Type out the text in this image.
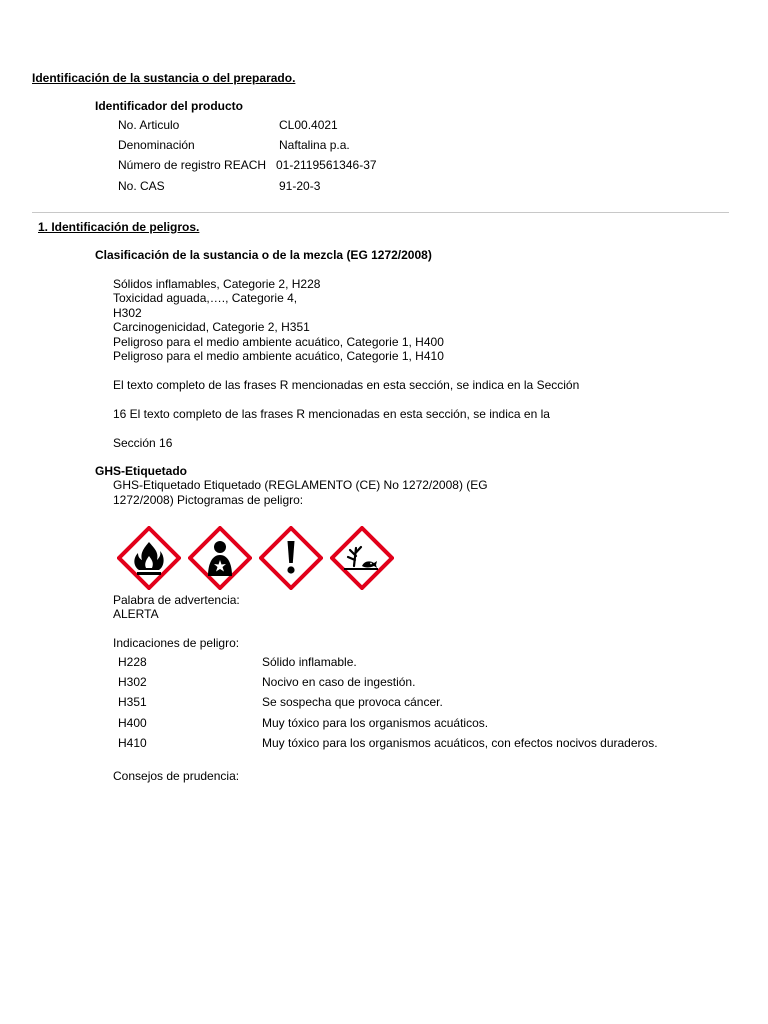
Identificación de la sustancia o del preparado.
Identificador del producto
No. Articulo	CL00.4021
Denominación	Naftalina p.a.
Número de registro REACH 01-2119561346-37
No. CAS	91-20-3
1. Identificación de peligros.
Clasificación de la sustancia o de la mezcla (EG 1272/2008)
Sólidos inflamables, Categorie 2, H228
Toxicidad aguada,…., Categorie 4,
H302
Carcinogenicidad, Categorie 2, H351
Peligroso para el medio ambiente acuático, Categorie 1, H400
Peligroso para el medio ambiente acuático, Categorie 1, H410
El texto completo de las frases R mencionadas en esta sección, se indica en la Sección
16 El texto completo de las frases R mencionadas en esta sección, se indica en la
Sección 16
GHS-Etiquetado
GHS-Etiquetado Etiquetado (REGLAMENTO (CE) No 1272/2008) (EG
1272/2008) Pictogramas de peligro:
Palabra de advertencia:
ALERTA
Indicaciones de peligro:
H228	Sólido inflamable.
H302	Nocivo en caso de ingestión.
H351	Se sospecha que provoca cáncer.
H400	Muy tóxico para los organismos acuáticos.
H410	Muy tóxico para los organismos acuáticos, con efectos nocivos duraderos.
Consejos de prudencia:
